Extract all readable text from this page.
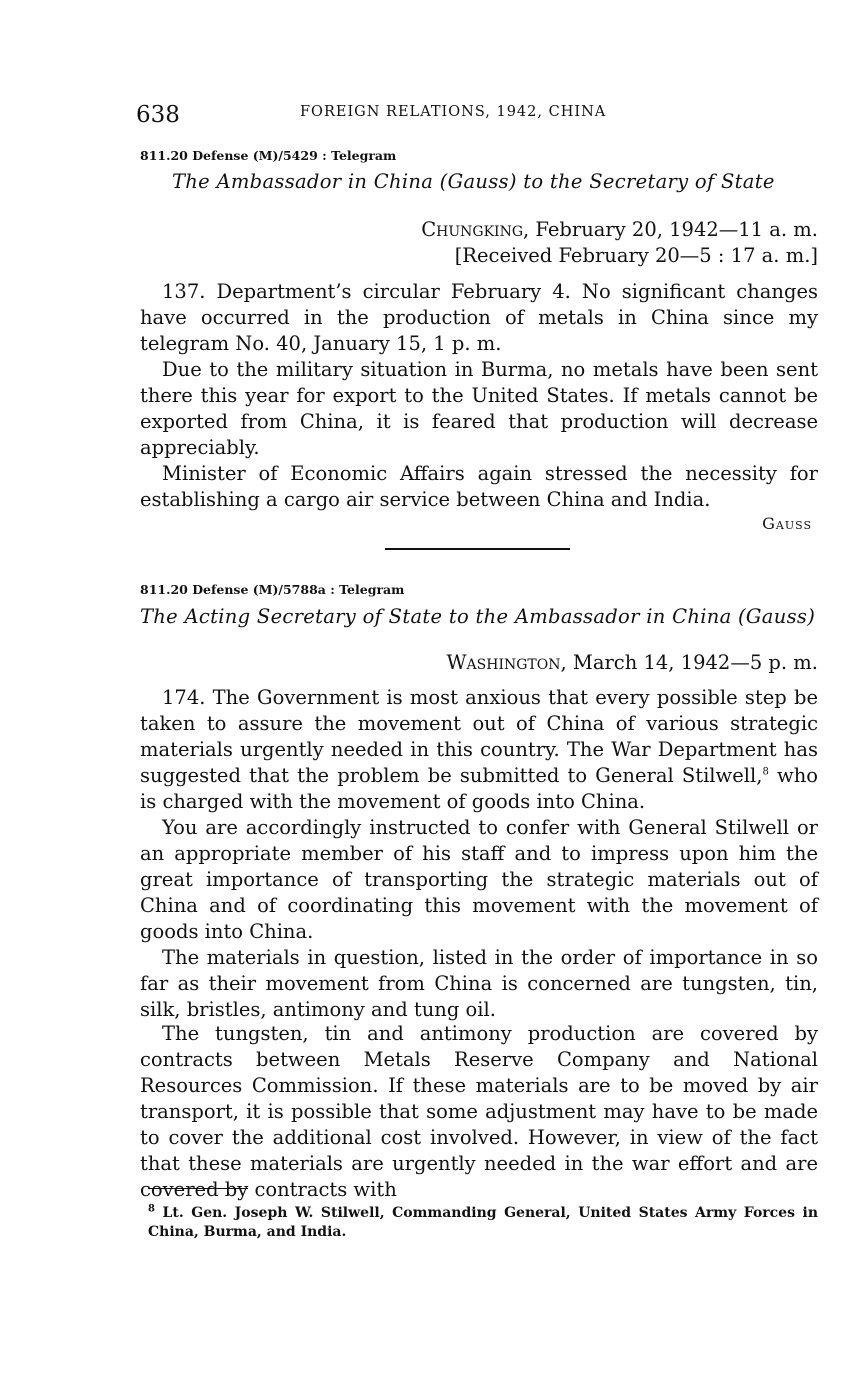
638	FOREIGN RELATIONS, 1942, CHINA
811.20 Defense (M)/5429 : Telegram
The Ambassador in China (Gauss) to the Secretary of State
Chungking, February 20, 1942—11 a. m.
[Received February 20—5 : 17 a. m.]
137. Department’s circular February 4. No significant changes have occurred in the production of metals in China since my telegram No. 40, January 15, 1 p. m.
Due to the military situation in Burma, no metals have been sent there this year for export to the United States. If metals cannot be exported from China, it is feared that production will decrease appreciably.
Minister of Economic Affairs again stressed the necessity for establishing a cargo air service between China and India.
Gauss
811.20 Defense (M)/5788a : Telegram
The Acting Secretary of State to the Ambassador in China (Gauss)
Washington, March 14, 1942—5 p. m.
174. The Government is most anxious that every possible step be taken to assure the movement out of China of various strategic materials urgently needed in this country. The War Department has suggested that the problem be submitted to General Stilwell,$^8$ who is charged with the movement of goods into China.
You are accordingly instructed to confer with General Stilwell or an appropriate member of his staff and to impress upon him the great importance of transporting the strategic materials out of China and of coordinating this movement with the movement of goods into China.
The materials in question, listed in the order of importance in so far as their movement from China is concerned are tungsten, tin, silk, bristles, antimony and tung oil.
The tungsten, tin and antimony production are covered by contracts between Metals Reserve Company and National Resources Commission. If these materials are to be moved by air transport, it is possible that some adjustment may have to be made to cover the additional cost involved. However, in view of the fact that these materials are urgently needed in the war effort and are covered by contracts with
$^8$ Lt. Gen. Joseph W. Stilwell, Commanding General, United States Army Forces in China, Burma, and India.
